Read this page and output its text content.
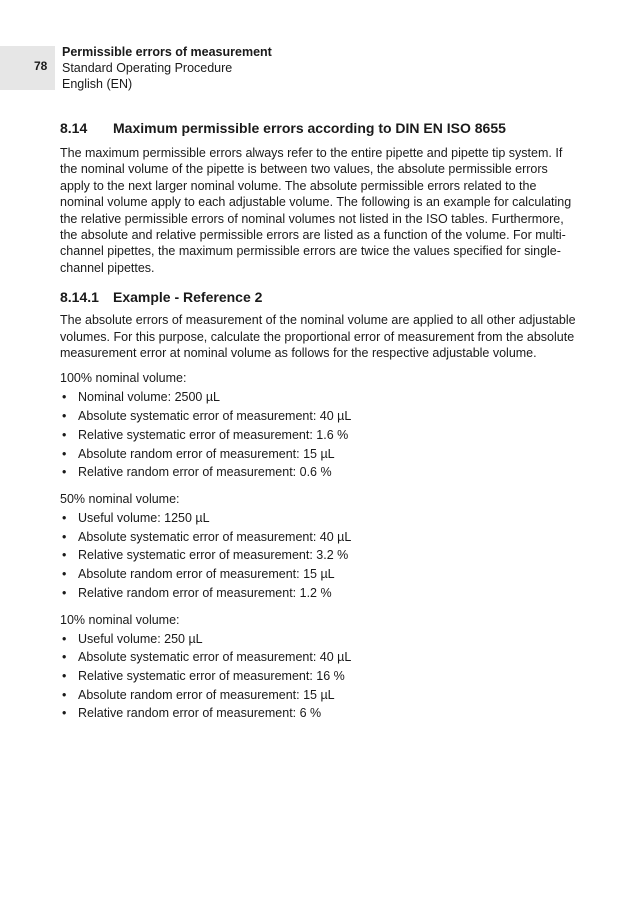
78
Permissible errors of measurement
Standard Operating Procedure
English (EN)
8.14	Maximum permissible errors according to DIN EN ISO 8655

The maximum permissible errors always refer to the entire pipette and pipette tip system. If the nominal volume of the pipette is between two values, the absolute permissible errors apply to the next larger nominal volume. The absolute permissible errors related to the nominal volume apply to each adjustable volume. The following is an example for calculating the relative permissible errors of nominal volumes not listed in the ISO tables. Furthermore, the absolute and relative permissible errors are listed as a function of the volume. For multi-channel pipettes, the maximum permissible errors are twice the values specified for single-channel pipettes.

8.14.1	Example - Reference 2

The absolute errors of measurement of the nominal volume are applied to all other adjustable volumes. For this purpose, calculate the proportional error of measurement from the absolute measurement error at nominal volume as follows for the respective adjustable volume.

100% nominal volume:
• Nominal volume: 2500 µL
• Absolute systematic error of measurement: 40 µL
• Relative systematic error of measurement: 1.6 %
• Absolute random error of measurement: 15 µL
• Relative random error of measurement: 0.6 %
50% nominal volume:
• Useful volume: 1250 µL
• Absolute systematic error of measurement: 40 µL
• Relative systematic error of measurement: 3.2 %
• Absolute random error of measurement: 15 µL
• Relative random error of measurement: 1.2 %
10% nominal volume:
• Useful volume: 250 µL
• Absolute systematic error of measurement: 40 µL
• Relative systematic error of measurement: 16 %
• Absolute random error of measurement: 15 µL
• Relative random error of measurement: 6 %
